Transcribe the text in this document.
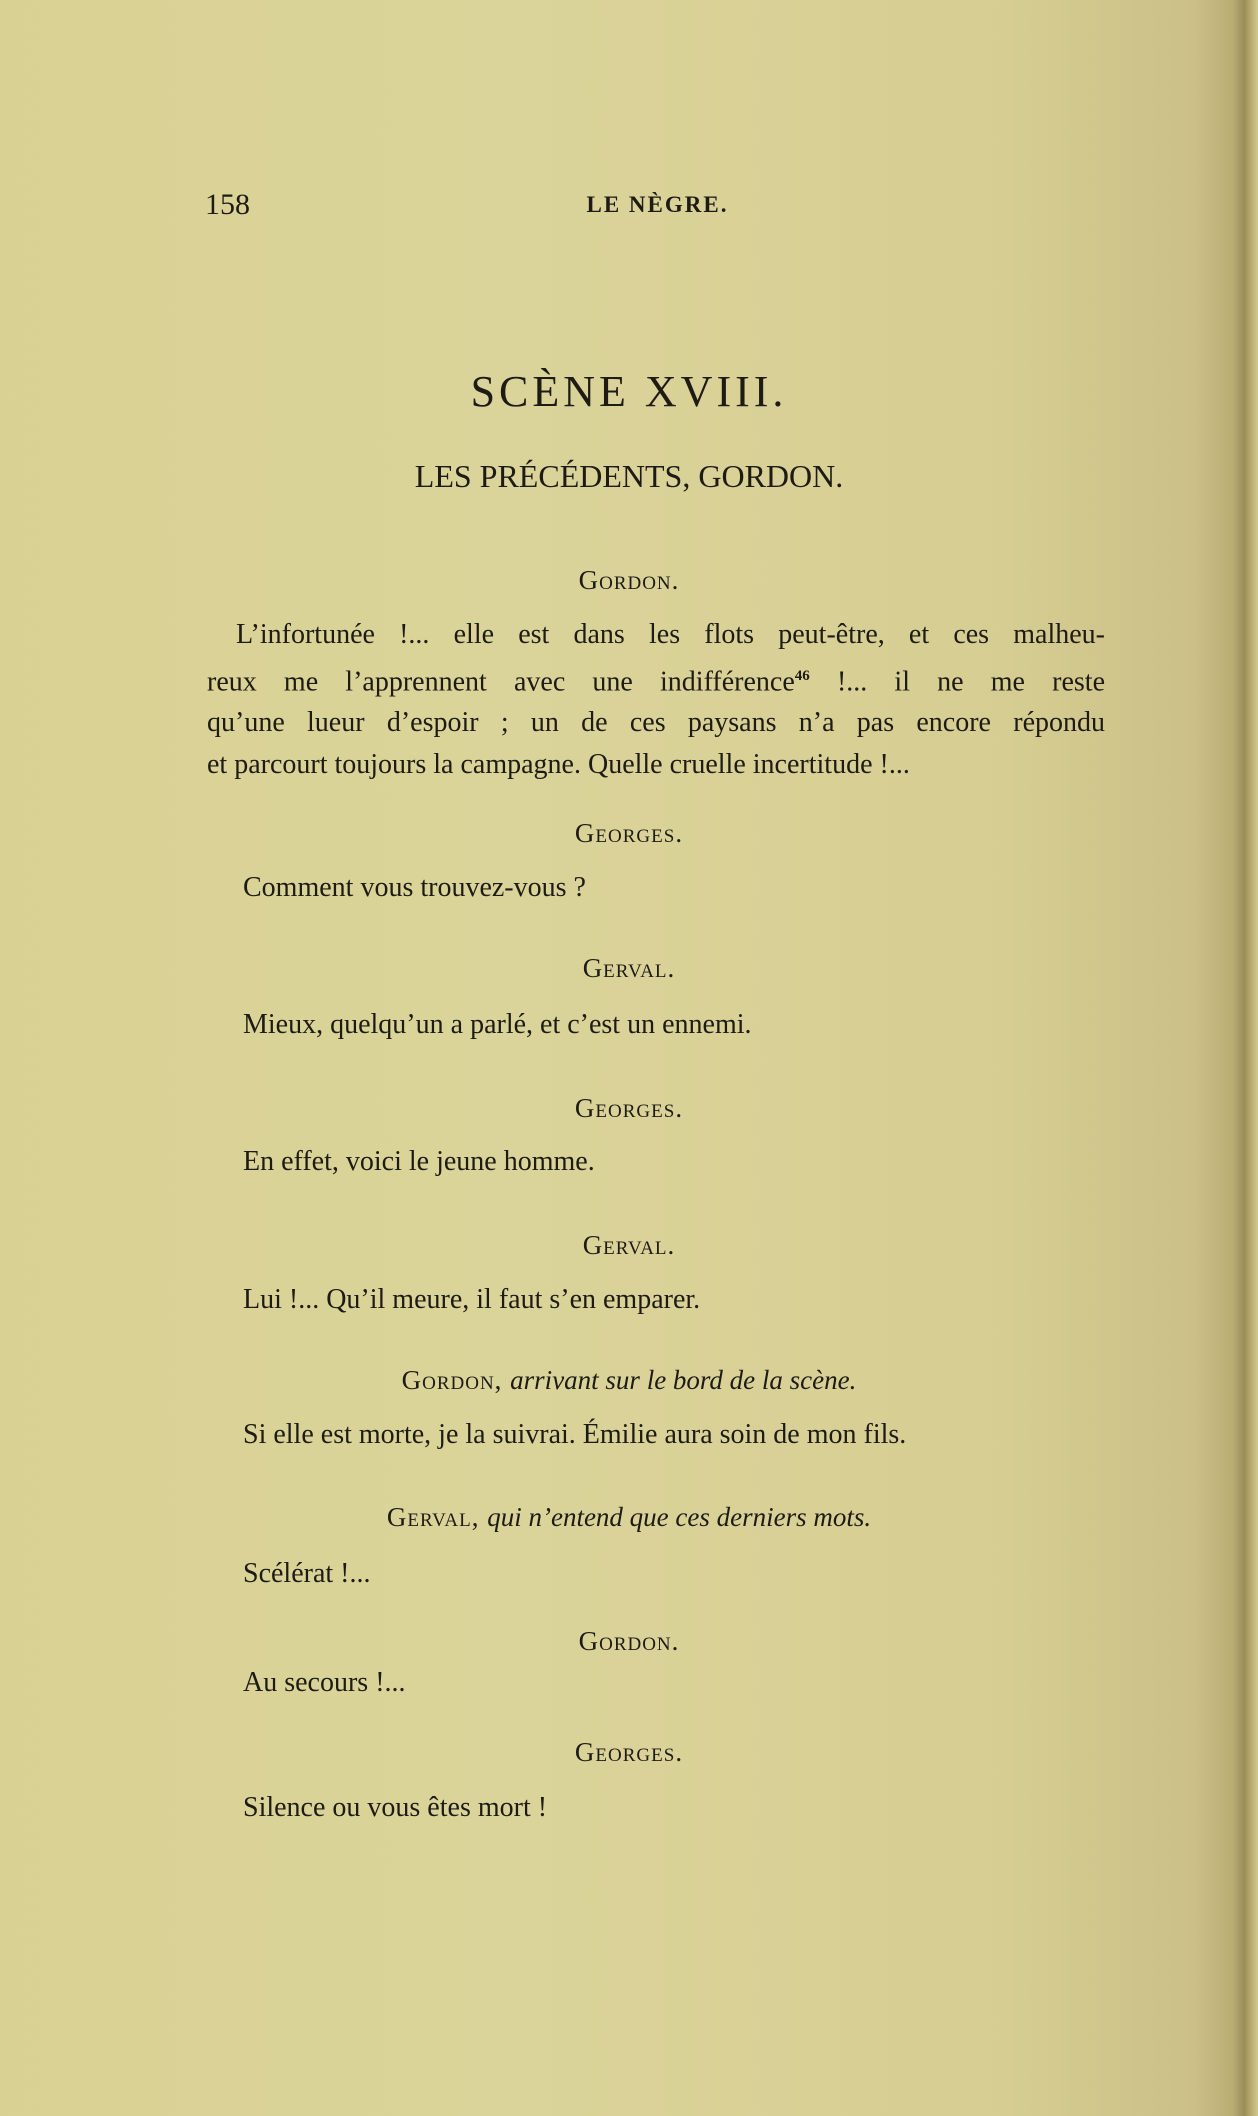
158	LE NÈGRE.
SCÈNE XVIII.
LES PRÉCÉDENTS, GORDON.
Gordon.
L’infortunée !... elle est dans les flots peut-être, et ces malheu-
reux me l’apprennent avec une indifférence$^{46}$ !... il ne me reste
qu’une lueur d’espoir ; un de ces paysans n’a pas encore répondu
et parcourt toujours la campagne. Quelle cruelle incertitude !...
Georges.
Comment vous trouvez-vous ?
Gerval.
Mieux, quelqu’un a parlé, et c’est un ennemi.
Georges.
En effet, voici le jeune homme.
Gerval.
Lui !... Qu’il meure, il faut s’en emparer.
Gordon, arrivant sur le bord de la scène.
Si elle est morte, je la suivrai. Émilie aura soin de mon fils.
Gerval, qui n’entend que ces derniers mots.
Scélérat !...
Gordon.
Au secours !...
Georges.
Silence ou vous êtes mort !
